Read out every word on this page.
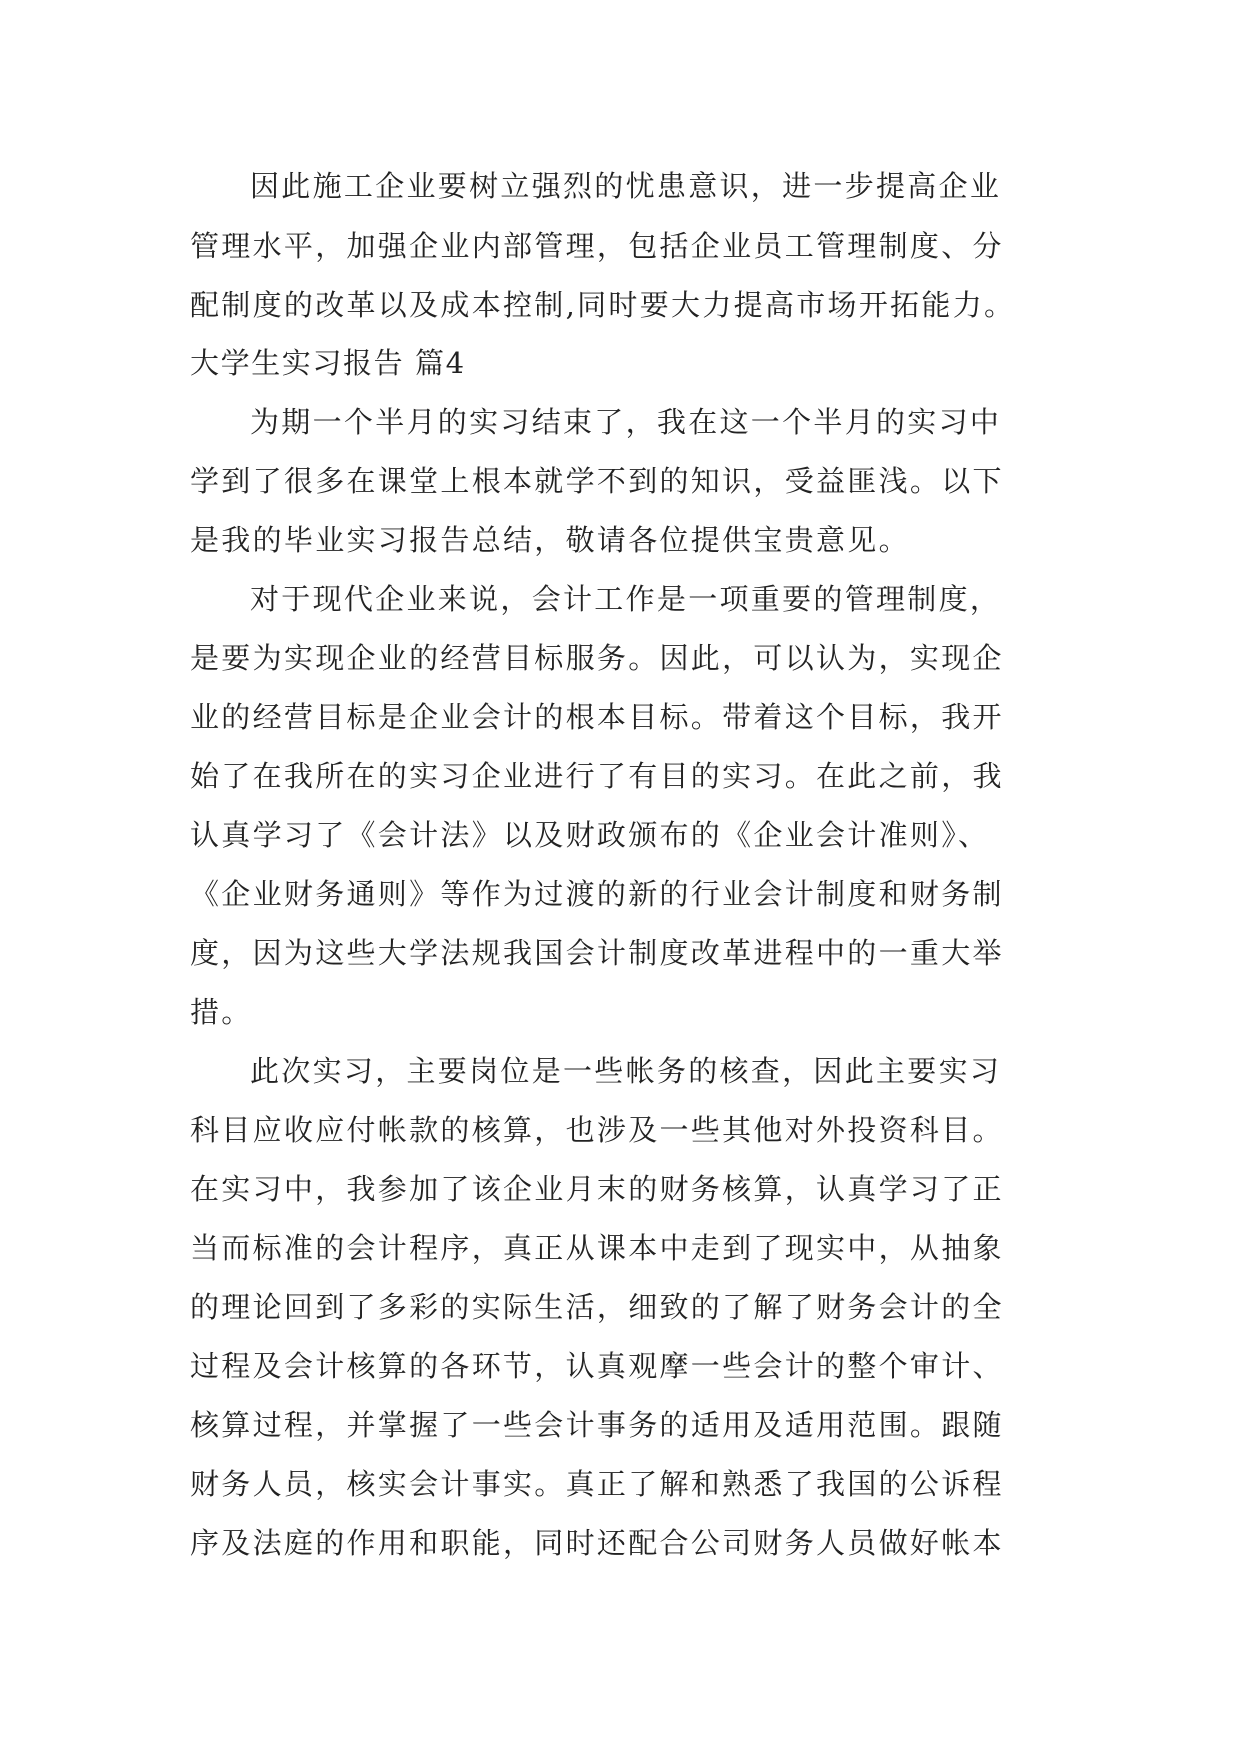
因此施工企业要树立强烈的忧患意识，进一步提高企业
管理水平，加强企业内部管理，包括企业员工管理制度、分
配制度的改革以及成本控制,同时要大力提高市场开拓能力。
大学生实习报告 篇4
为期一个半月的实习结束了，我在这一个半月的实习中
学到了很多在课堂上根本就学不到的知识，受益匪浅。以下
是我的毕业实习报告总结，敬请各位提供宝贵意见。
对于现代企业来说，会计工作是一项重要的管理制度，
是要为实现企业的经营目标服务。因此，可以认为，实现企
业的经营目标是企业会计的根本目标。带着这个目标，我开
始了在我所在的实习企业进行了有目的实习。在此之前，我
认真学习了《会计法》以及财政颁布的《企业会计准则》、
《企业财务通则》等作为过渡的新的行业会计制度和财务制
度，因为这些大学法规我国会计制度改革进程中的一重大举
措。
此次实习，主要岗位是一些帐务的核查，因此主要实习
科目应收应付帐款的核算，也涉及一些其他对外投资科目。
在实习中，我参加了该企业月末的财务核算，认真学习了正
当而标准的会计程序，真正从课本中走到了现实中，从抽象
的理论回到了多彩的实际生活，细致的了解了财务会计的全
过程及会计核算的各环节，认真观摩一些会计的整个审计、
核算过程，并掌握了一些会计事务的适用及适用范围。跟随
财务人员，核实会计事实。真正了解和熟悉了我国的公诉程
序及法庭的作用和职能，同时还配合公司财务人员做好帐本
